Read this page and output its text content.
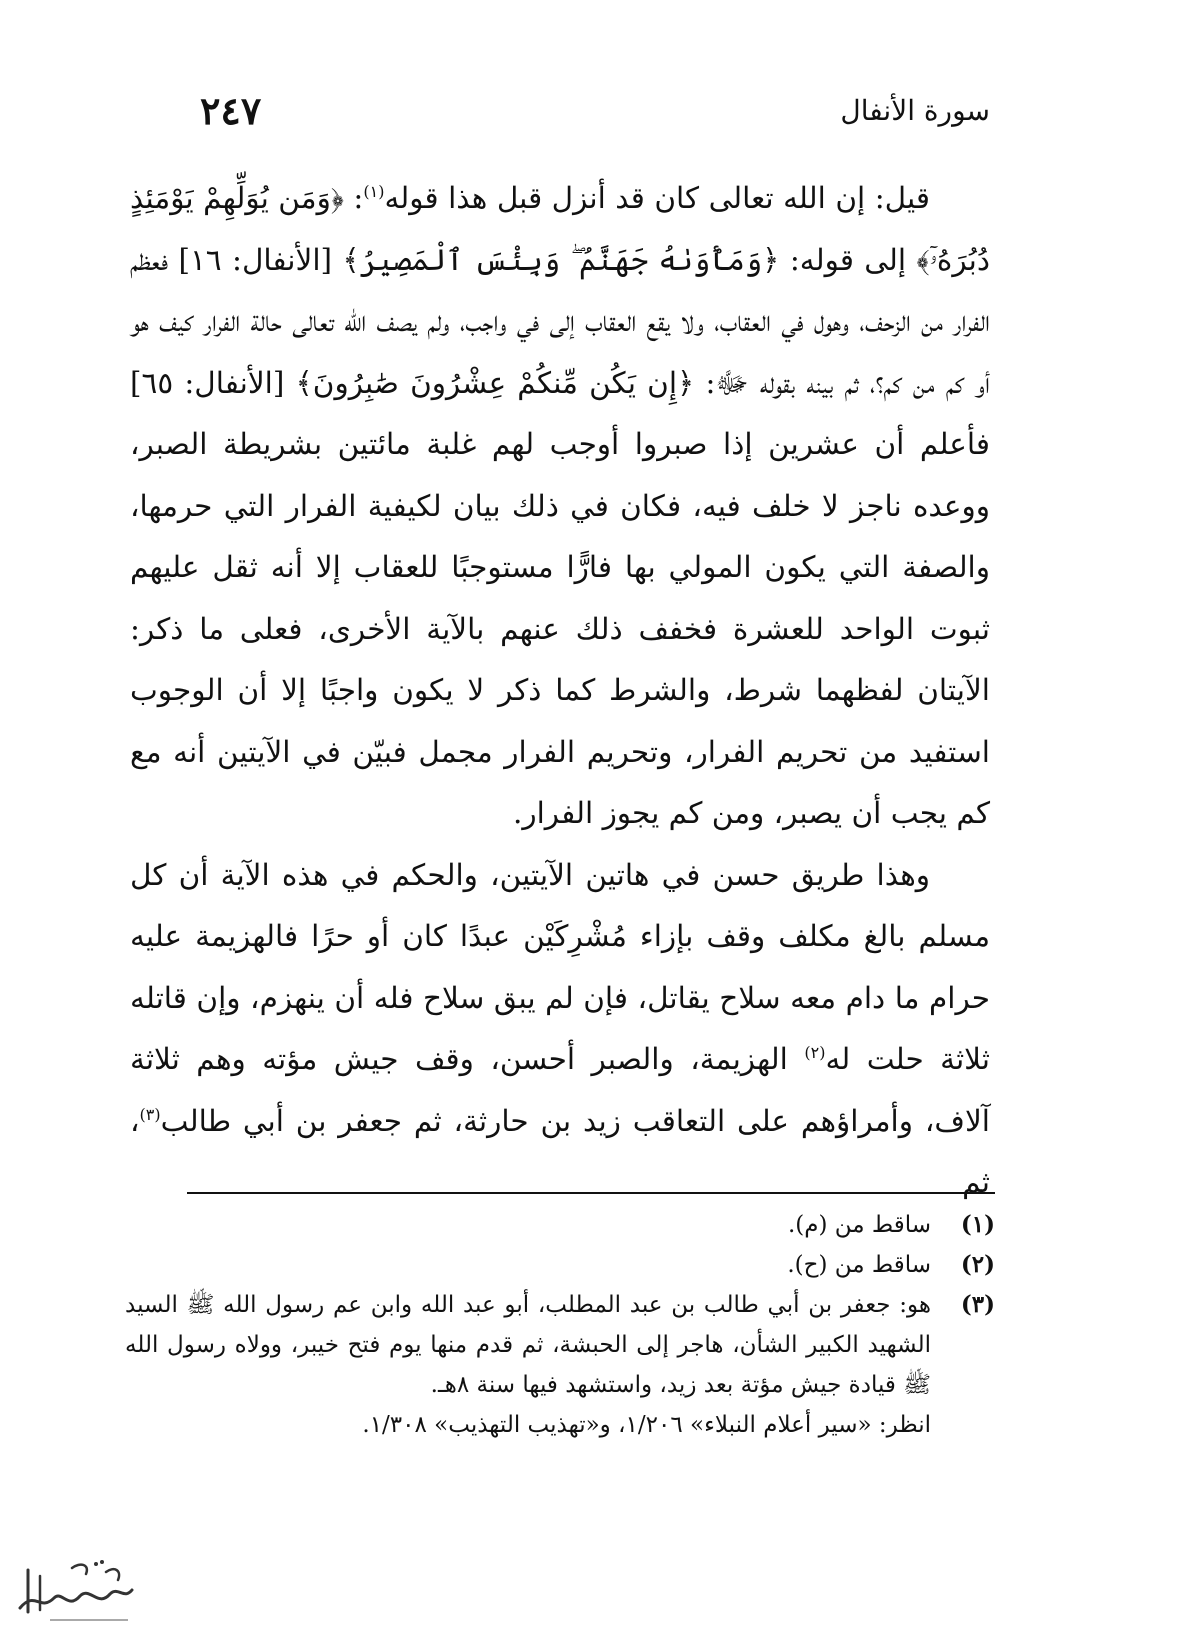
٢٤٧	سورة الأنفال

قيل: إن الله تعالى كان قد أنزل قبل هذا قوله$^{(١)}$: ﴿وَمَن يُوَلِّهِمْ يَوْمَئِذٍ دُبُرَهُۥٓ﴾ إلى قوله: ﴿وَمَأْوَىٰهُ جَهَنَّمُ ۖ وَبِئْسَ ٱلْمَصِيرُ﴾ [الأنفال: ١٦] فعظم الفرار من الزحف، وهول في العقاب، ولا يقع العقاب إلى في واجب، ولم يصف الله تعالى حالة الفرار كيف هو أو كم من كم؟، ثم بينه بقوله ﷻ: ﴿إِن يَكُن مِّنكُمْ عِشْرُونَ صَٰبِرُونَ﴾ [الأنفال: ٦٥] فأعلم أن عشرين إذا صبروا أوجب لهم غلبة مائتين بشريطة الصبر، ووعده ناجز لا خلف فيه، فكان في ذلك بيان لكيفية الفرار التي حرمها، والصفة التي يكون المولي بها فارًّا مستوجبًا للعقاب إلا أنه ثقل عليهم ثبوت الواحد للعشرة فخفف ذلك عنهم بالآية الأخرى، فعلى ما ذكر: الآيتان لفظهما شرط، والشرط كما ذكر لا يكون واجبًا إلا أن الوجوب استفيد من تحريم الفرار، وتحريم الفرار مجمل فبيّن في الآيتين أنه مع كم يجب أن يصبر، ومن كم يجوز الفرار.

وهذا طريق حسن في هاتين الآيتين، والحكم في هذه الآية أن كل مسلم بالغ مكلف وقف بإزاء مُشْرِكَيْن عبدًا كان أو حرًا فالهزيمة عليه حرام ما دام معه سلاح يقاتل، فإن لم يبق سلاح فله أن ينهزم، وإن قاتله ثلاثة حلت له$^{(٢)}$ الهزيمة، والصبر أحسن، وقف جيش مؤته وهم ثلاثة آلاف، وأمراؤهم على التعاقب زيد بن حارثة، ثم جعفر بن أبي طالب$^{(٣)}$، ثم

(١)
ساقط من (م).
(٢)
ساقط من (ح).
(٣)
هو: جعفر بن أبي طالب بن عبد المطلب، أبو عبد الله وابن عم رسول الله ﷺ السيد الشهيد الكبير الشأن، هاجر إلى الحبشة، ثم قدم منها يوم فتح خيبر، وولاه رسول الله ﷺ قيادة جيش مؤتة بعد زيد، واستشهد فيها سنة ٨هـ.
انظر: «سير أعلام النبلاء» ١/٢٠٦، و«تهذيب التهذيب» ١/٣٠٨.
